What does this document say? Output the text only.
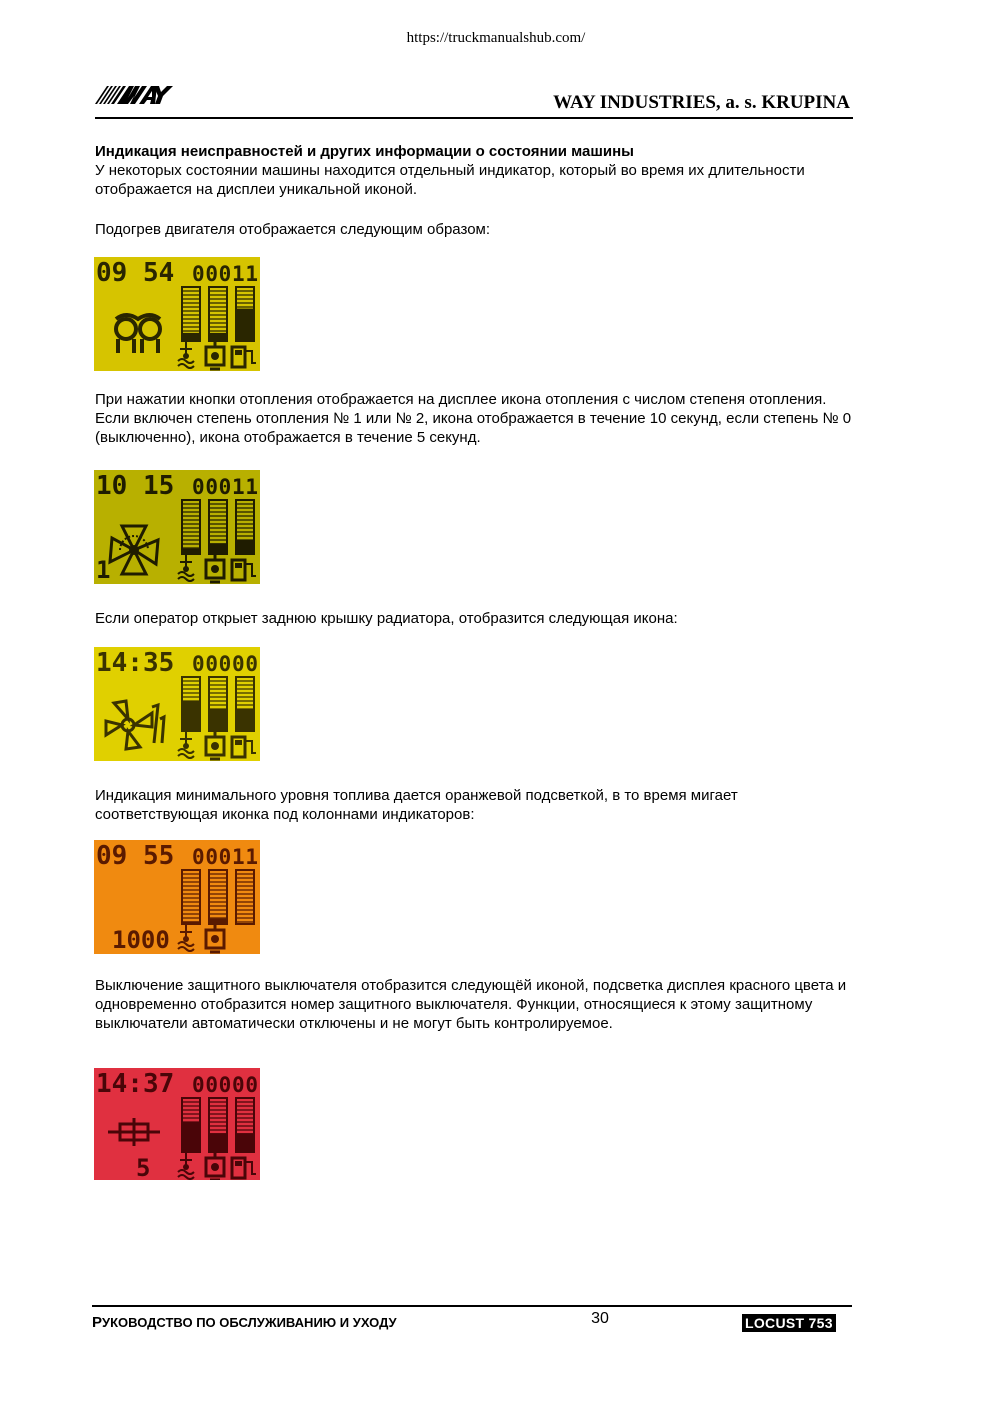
https://truckmanualshub.com/
WAY INDUSTRIES, a. s. KRUPINA

Индикация неисправностей и других информации о состоянии машины

У некоторых состоянии машины находится отдельный индикатор, который во время их длительности отображается на дисплеи уникальной иконой.

Подогрев двигателя отображается следующим образом:
09 54 00011
При нажатии кнопки отопления отображается на дисплее икона отопления с числом степеня отопления. Если включен степень отопления № 1 или № 2, икона отображается в течение 10 секунд, если степень № 0 (выключенно), икона отображается в течение 5 секунд.
10 15 00011
1
Если оператор открыет заднюю крышку радиатора, отобразится следующая икона:
14:35 00000
Индикация минимального уровня топлива дается оранжевой подсветкой, в то время мигает соответствующая иконка под колоннами индикаторов:
09 55 00011
1000
Выключение защитного выключателя отобразится следующёй иконой, подсветка дисплея красного цвета и одновременно отобразится номер защитного выключателя. Функции, относящиеся к этому защитному выключатели автоматически отключены и не могут быть контролируемое.
14:37 00000
5
РУКОВОДСТВО ПО ОБСЛУЖИВАНИЮ И УХОДУ	30	LOCUST 753
